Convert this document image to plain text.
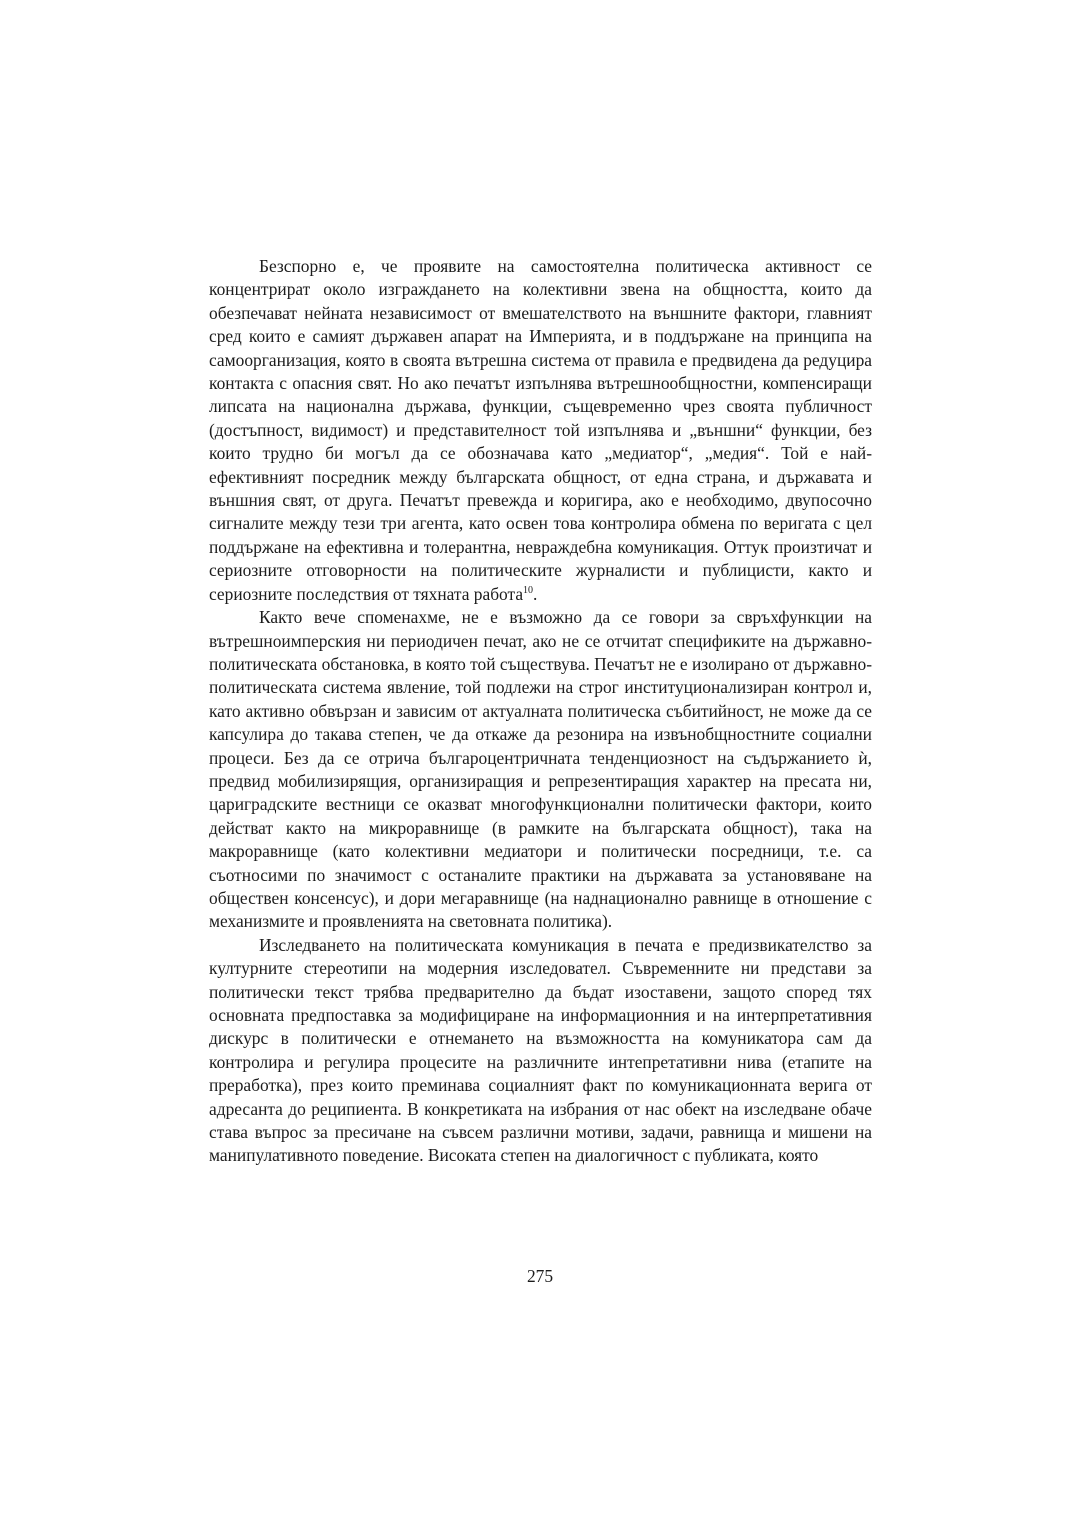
Безспорно е, че проявите на самостоятелна политическа активност се концентрират около изграждането на колективни звена на общността, които да обезпечават нейната независимост от вмешателството на външните фактори, главният сред които е самият държавен апарат на Империята, и в поддържане на принципа на самоорганизация, която в своята вътрешна система от правила е предвидена да редуцира контакта с опасния свят. Но ако печатът изпълнява вътрешнообщностни, компенсиращи липсата на национална държава, функции, същевременно чрез своята публичност (достъпност, видимост) и представителност той изпълнява и „външни“ функции, без които трудно би могъл да се обозначава като „медиатор“, „медия“. Той е най-ефективният посредник между българската общност, от една страна, и държавата и външния свят, от друга. Печатът превежда и коригира, ако е необходимо, двупосочно сигналите между тези три агента, като освен това контролира обмена по веригата с цел поддържане на ефективна и толерантна, невраждебна комуникация. Оттук произтичат и сериозните отговорности на политическите журналисти и публицисти, както и сериозните последствия от тяхната работа$^{10}$.

Както вече споменахме, не е възможно да се говори за свръхфункции на вътрешноимперския ни периодичен печат, ако не се отчитат спецификите на държавно-политическата обстановка, в която той съществува. Печатът не е изолирано от държавно-политическата система явление, той подлежи на строг институционализиран контрол и, като активно обвързан и зависим от актуалната политическа събитийност, не може да се капсулира до такава степен, че да откаже да резонира на извънобщностните социални процеси. Без да се отрича българоцентричната тенденциозност на съдържанието ѝ, предвид мобилизирящия, организиращия и репрезентиращия характер на пресата ни, цариградските вестници се оказват многофункционални политически фактори, които действат както на микроравнище (в рамките на българската общност), така на макроравнище (като колективни медиатори и политически посредници, т.е. са съотносими по значимост с останалите практики на държавата за установяване на обществен консенсус), и дори мегаравнище (на наднационално равнище в отношение с механизмите и проявленията на световната политика).

Изследването на политическата комуникация в печата е предизвикателство за културните стереотипи на модерния изследовател. Съвременните ни представи за политически текст трябва предварително да бъдат изоставени, защото според тях основната предпоставка за модифициране на информационния и на интерпретативния дискурс в политически е отнемането на възможността на комуникатора сам да контролира и регулира процесите на различните интепретативни нива (етапите на преработка), през които преминава социалният факт по комуникационната верига от адресанта до реципиента. В конкретиката на избрания от нас обект на изследване обаче става въпрос за пресичане на съвсем различни мотиви, задачи, равнища и мишени на манипулативното поведение. Високата степен на диалогичност с публиката, която

275
